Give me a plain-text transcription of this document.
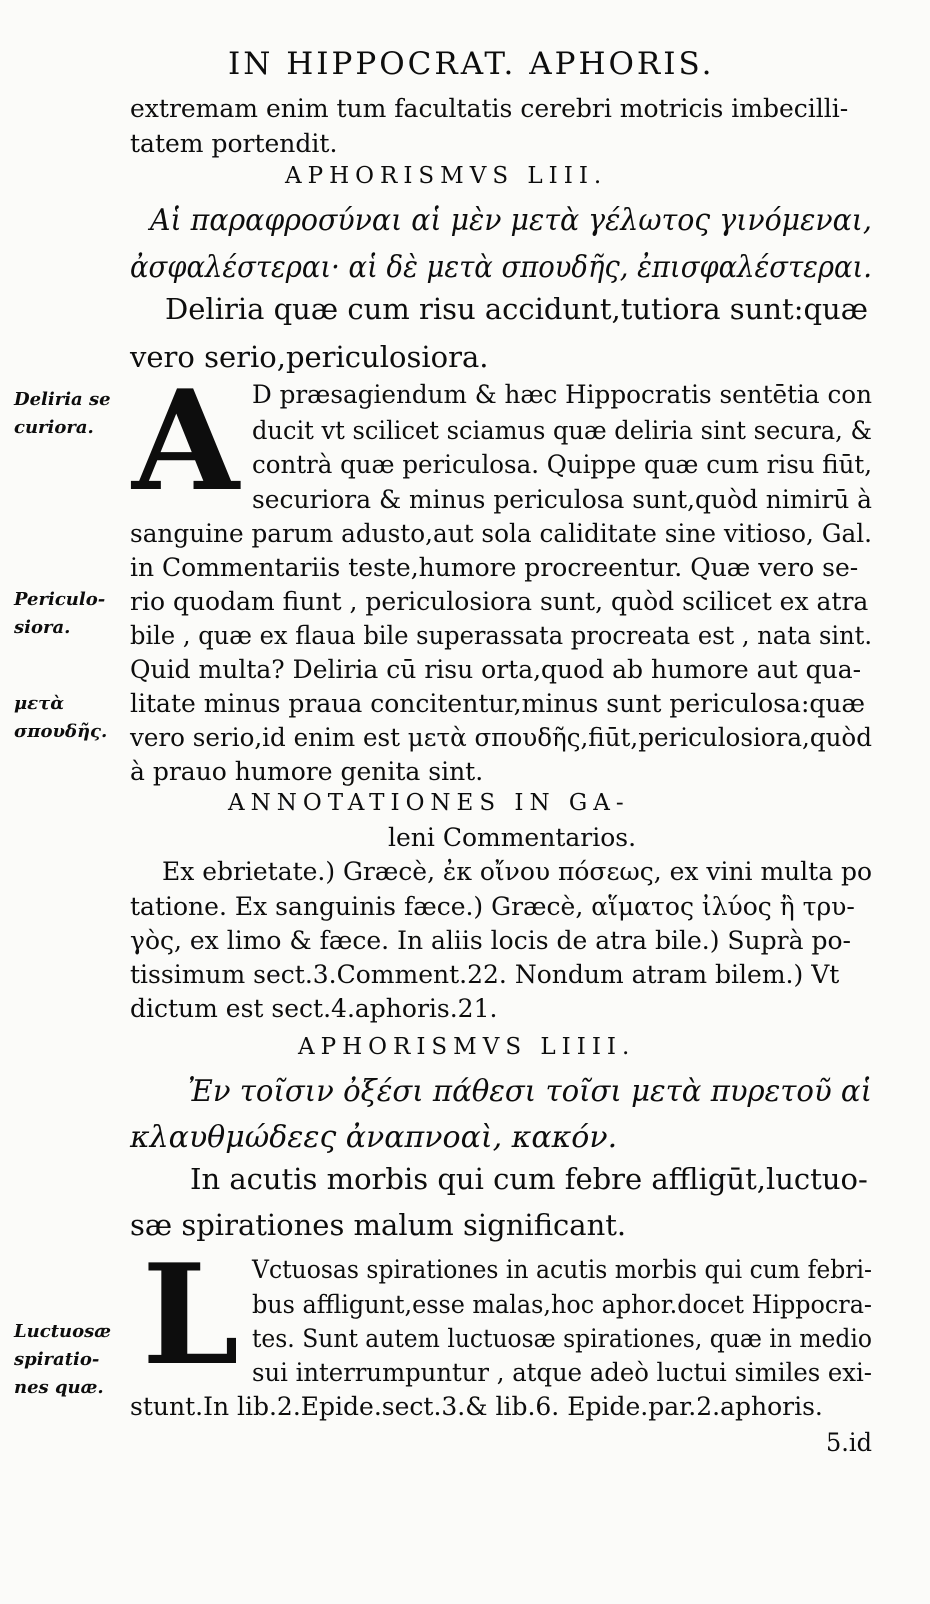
IN HIPPOCRAT. APHORIS.
extremam enim tum facultatis cerebri motricis imbecilli-
tatem portendit.
APHORISMVS LIII.
Αἱ παραφροσύναι αἱ μὲν μετὰ γέλωτος γινόμεναι,
ἀσφαλέστεραι· αἱ δὲ μετὰ σπουδῆς, ἐπισφαλέστεραι.
Deliria quæ cum risu accidunt,tutiora sunt:quæ
vero serio,periculosiora.
A D præsagiendum & hæc Hippocratis sentētia con
ducit vt scilicet sciamus quæ deliria sint secura, &
contrà quæ periculosa. Quippe quæ cum risu fiūt,
securiora & minus periculosa sunt,quòd nimirū à
sanguine parum adusto,aut sola caliditate sine vitioso, Gal.
in Commentariis teste,humore procreentur. Quæ vero se-
rio quodam fiunt , periculosiora sunt, quòd scilicet ex atra
bile , quæ ex flaua bile superassata procreata est , nata sint.
Quid multa? Deliria cū risu orta,quod ab humore aut qua-
litate minus praua concitentur,minus sunt periculosa:quæ
vero serio,id enim est μετὰ σπουδῆς,fiūt,periculosiora,quòd
à prauo humore genita sint.
Deliria se
curiora.
Periculo-
siora.
μετὰ
σπουδῆς.
ANNOTATIONES IN GA-
leni Commentarios.
Ex ebrietate.) Græcè, ἐκ οἴνου πόσεως, ex vini multa po
tatione. Ex sanguinis fæce.) Græcè, αἵματος ἰλύος ἢ τρυ-
γὸς, ex limo & fæce. In aliis locis de atra bile.) Suprà po-
tissimum sect.3.Comment.22. Nondum atram bilem.) Vt
dictum est sect.4.aphoris.21.
APHORISMVS LIIII.
Ἐν τοῖσιν ὀξέσι πάθεσι τοῖσι μετὰ πυρετοῦ αἱ
κλαυθμώδεες ἀναπνοαὶ, κακόν.
In acutis morbis qui cum febre affligūt,luctuo-
sæ spirationes malum significant.
L Vctuosas spirationes in acutis morbis qui cum febri-
bus affligunt,esse malas,hoc aphor.docet Hippocra-
tes. Sunt autem luctuosæ spirationes, quæ in medio
sui interrumpuntur , atque adeò luctui similes exi-
stunt.In lib.2.Epide.sect.3.& lib.6. Epide.par.2.aphoris.
5.id
Luctuosæ
spiratio-
nes quæ.
